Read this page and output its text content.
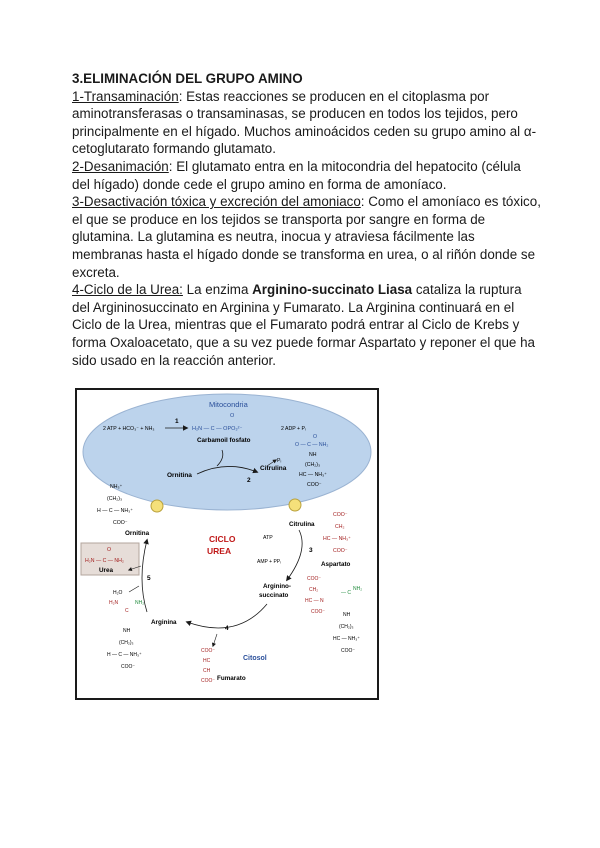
3.ELIMINACIÓN DEL GRUPO AMINO
1-Transaminación: Estas reacciones se producen en el citoplasma por aminotransferasas o transaminasas, se producen en todos los tejidos, pero principalmente en el hígado. Muchos aminoácidos ceden su grupo amino al α-cetoglutarato formando glutamato.
2-Desanimación: El glutamato entra en la mitocondria del hepatocito (célula del hígado) donde cede el grupo amino en forma de amoníaco.
3-Desactivación tóxica y excreción del amoniaco: Como el amoníaco es tóxico, el que se produce en los tejidos se transporta por sangre en forma de glutamina. La glutamina es neutra, inocua y atraviesa fácilmente las membranas hasta el hígado donde se transforma en urea, o al riñón donde se excreta.
4-Ciclo de la Urea: La enzima Arginino-succinato Liasa cataliza la ruptura del Argininosuccinato en Arginina y Fumarato. La Arginina continuará en el Ciclo de la Urea, mientras que el Fumarato podrá entrar al Ciclo de Krebs y forma Oxaloacetato, que a su vez puede formar Aspartato y reponer el que ha sido usado en la reacción anterior.
Mitocondria
2 ATP + HCO₃⁻ + NH₃
1
O
H₂N — C — OPO₃²⁻	2 ADP + Pᵢ
Carbamoil fosfato	O
O — C — NH₂
NH
(CH₂)₃
HC — NH₃⁺
COO⁻
Ornitina
Citrulina
2
Pᵢ
NH₃⁺
(CH₂)₃
H — C — NH₃⁺
COO⁻
Ornitina
O
H₂N — C — NH₂
Urea
CICLO
UREA
Citrulina
ATP
AMP + PPᵢ
3
COO⁻
CH₂
HC — NH₃⁺
COO⁻
Aspartato
Arginino-
succinato
COO⁻
CH₂
HC — N
COO⁻
— C
NH₂
NH
(CH₂)₃
HC — NH₃⁺
COO⁻
4
COO⁻
HC
CH
COO⁻ Fumarato
Citosol
Arginina
H₂N
C
NH₂
NH
(CH₂)₃
H — C — NH₃⁺
COO⁻
5
H₂O
